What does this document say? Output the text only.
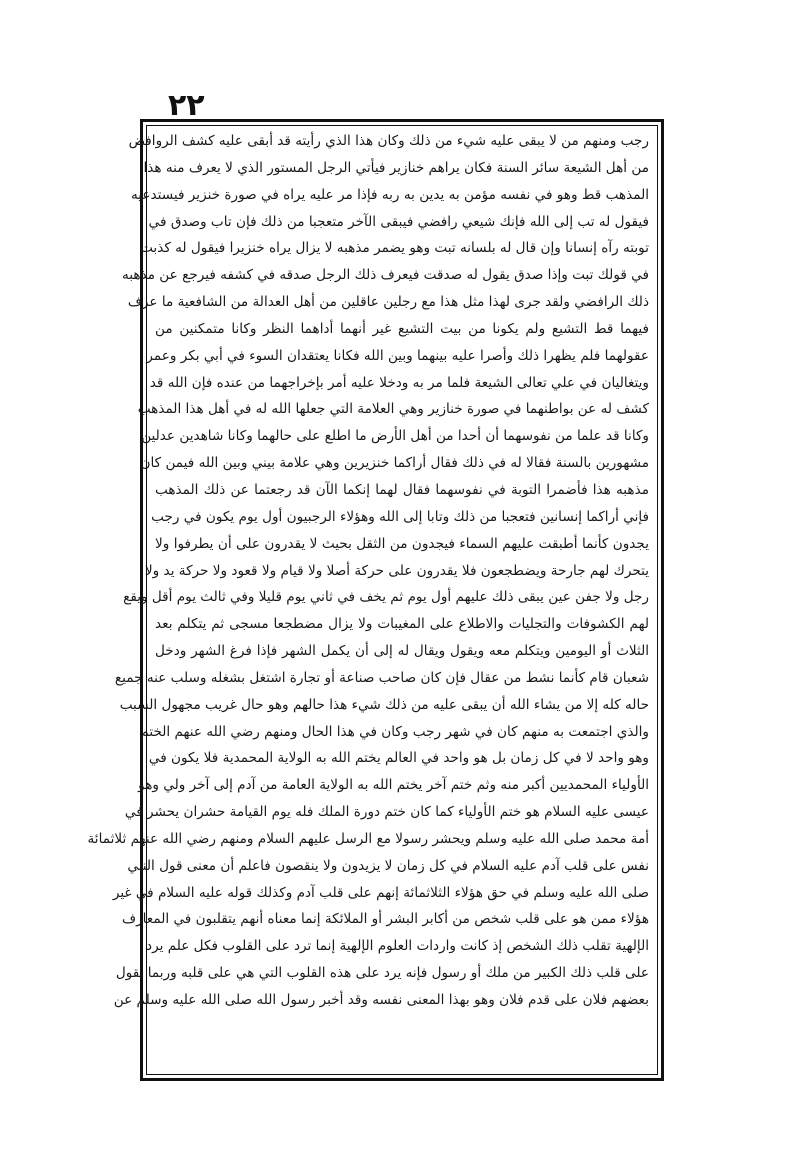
٢٢
رجب ومنهم من لا يبقى عليه شيء من ذلك وكان هذا الذي رأيته قد أبقى عليه كشف الروافض
من أهل الشيعة سائر السنة فكان يراهم خنازير فيأتي الرجل المستور الذي لا يعرف منه هذا
المذهب قط وهو في نفسه مؤمن به يدين به ربه فإذا مر عليه يراه في صورة خنزير فيستدعيه
فيقول له تب إلى الله فإنك شيعي رافضي فيبقى الآخر متعجبا من ذلك فإن تاب وصدق في
توبته رآه إنسانا وإن قال له بلسانه تبت وهو يضمر مذهبه لا يزال يراه خنزيرا فيقول له كذبت
في قولك تبت وإذا صدق يقول له صدقت فيعرف ذلك الرجل صدقه في كشفه فيرجع عن مذهبه
ذلك الرافضي ولقد جرى لهذا مثل هذا مع رجلين عاقلين من أهل العدالة من الشافعية ما عرف
فيهما قط التشيع ولم يكونا من بيت التشيع غير أنهما أداهما النظر وكانا متمكنين من
عقولهما فلم يظهرا ذلك وأصرا عليه بينهما وبين الله فكانا يعتقدان السوء في أبي بكر وعمر
ويتغاليان في علي تعالى الشيعة فلما مر به ودخلا عليه أمر بإخراجهما من عنده فإن الله قد
كشف له عن بواطنهما في صورة خنازير وهي العلامة التي جعلها الله له في أهل هذا المذهب
وكانا قد علما من نفوسهما أن أحدا من أهل الأرض ما اطلع على حالهما وكانا شاهدين عدلين
مشهورين بالسنة فقالا له في ذلك فقال أراكما خنزيرين وهي علامة بيني وبين الله فيمن كان
مذهبه هذا فأضمرا التوبة في نفوسهما فقال لهما إنكما الآن قد رجعتما عن ذلك المذهب
فإني أراكما إنسانين فتعجبا من ذلك وتابا إلى الله وهؤلاء الرجبيون أول يوم يكون في رجب
يجدون كأنما أطبقت عليهم السماء فيجدون من الثقل بحيث لا يقدرون على أن يطرفوا ولا
يتحرك لهم جارحة ويضطجعون فلا يقدرون على حركة أصلا ولا قيام ولا قعود ولا حركة يد ولا
رجل ولا جفن عين يبقى ذلك عليهم أول يوم ثم يخف في ثاني يوم قليلا وفي ثالث يوم أقل ويقع
لهم الكشوفات والتجليات والاطلاع على المغيبات ولا يزال مضطجعا مسجى ثم يتكلم بعد
الثلاث أو اليومين ويتكلم معه ويقول ويقال له إلى أن يكمل الشهر فإذا فرغ الشهر ودخل
شعبان قام كأنما نشط من عقال فإن كان صاحب صناعة أو تجارة اشتغل بشغله وسلب عنه جميع
حاله كله إلا من يشاء الله أن يبقى عليه من ذلك شيء هذا حالهم وهو حال غريب مجهول السبب
والذي اجتمعت به منهم كان في شهر رجب وكان في هذا الحال ومنهم رضي الله عنهم الختم
وهو واحد لا في كل زمان بل هو واحد في العالم يختم الله به الولاية المحمدية فلا يكون في
الأولياء المحمديين أكبر منه وثم ختم آخر يختم الله به الولاية العامة من آدم إلى آخر ولي وهو
عيسى عليه السلام هو ختم الأولياء كما كان ختم دورة الملك فله يوم القيامة حشران يحشر في
أمة محمد صلى الله عليه وسلم ويحشر رسولا مع الرسل عليهم السلام ومنهم رضي الله عنهم ثلاثمائة
نفس على قلب آدم عليه السلام في كل زمان لا يزيدون ولا ينقصون فاعلم أن معنى قول النبي
صلى الله عليه وسلم في حق هؤلاء الثلاثمائة إنهم على قلب آدم وكذلك قوله عليه السلام في غير
هؤلاء ممن هو على قلب شخص من أكابر البشر أو الملائكة إنما معناه أنهم يتقلبون في المعارف
الإلهية تقلب ذلك الشخص إذ كانت واردات العلوم الإلهية إنما ترد على القلوب فكل علم يرد
على قلب ذلك الكبير من ملك أو رسول فإنه يرد على هذه القلوب التي هي على قلبه وربما يقول
بعضهم فلان على قدم فلان وهو بهذا المعنى نفسه وقد أخبر رسول الله صلى الله عليه وسلم عن
